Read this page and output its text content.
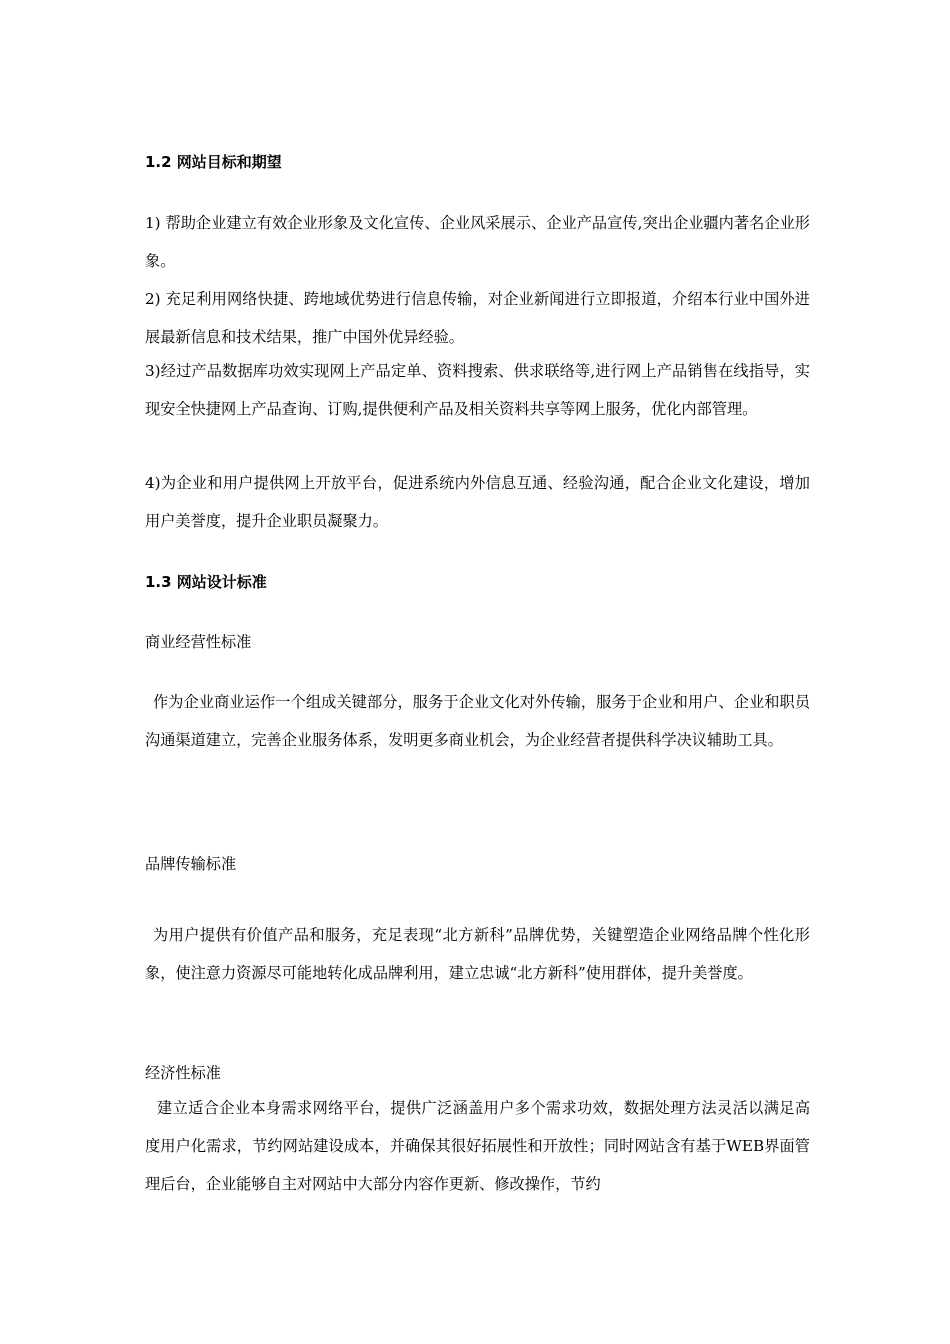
1.2 网站目标和期望

1) 帮助企业建立有效企业形象及文化宣传、企业风采展示、企业产品宣传,突出企业疆内著名企业形象。

2) 充足利用网络快捷、跨地域优势进行信息传输，对企业新闻进行立即报道，介绍本行业中国外进展最新信息和技术结果，推广中国外优异经验。

3)经过产品数据库功效实现网上产品定单、资料搜索、供求联络等,进行网上产品销售在线指导，实现安全快捷网上产品查询、订购,提供便利产品及相关资料共享等网上服务，优化内部管理。

4)为企业和用户提供网上开放平台，促进系统内外信息互通、经验沟通，配合企业文化建设，增加用户美誉度，提升企业职员凝聚力。

1.3 网站设计标准
商业经营性标准

作为企业商业运作一个组成关键部分，服务于企业文化对外传输，服务于企业和用户、企业和职员沟通渠道建立，完善企业服务体系，发明更多商业机会，为企业经营者提供科学决议辅助工具。

品牌传输标准

为用户提供有价值产品和服务，充足表现“北方新科”品牌优势，关键塑造企业网络品牌个性化形象，使注意力资源尽可能地转化成品牌利用，建立忠诚“北方新科”使用群体，提升美誉度。

经济性标准

建立适合企业本身需求网络平台，提供广泛涵盖用户多个需求功效，数据处理方法灵活以满足高度用户化需求，节约网站建设成本，并确保其很好拓展性和开放性；同时网站含有基于WEB界面管理后台，企业能够自主对网站中大部分内容作更新、修改操作，节约
